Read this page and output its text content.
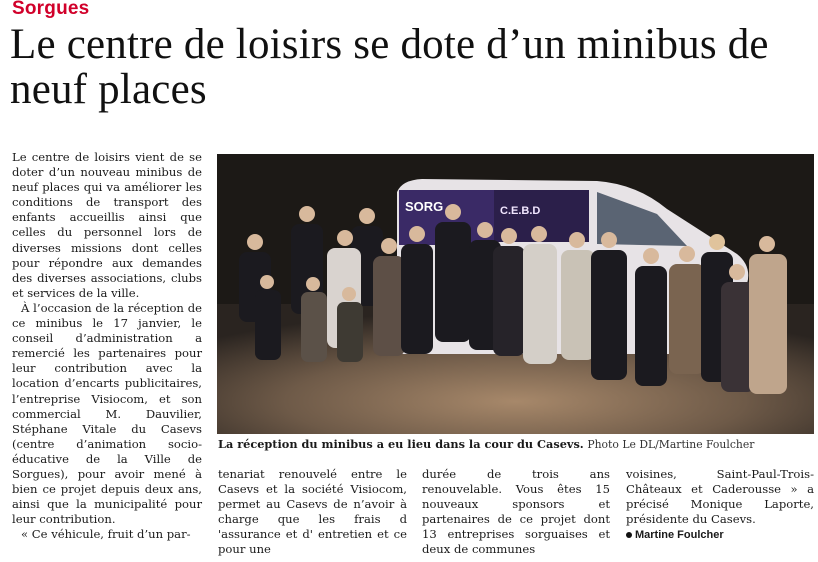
Sorgues
Le centre de loisirs se dote d’un minibus de neuf places

Le centre de loisirs vient de se doter d’un nouveau minibus de neuf places qui va améliorer les conditions de transport des enfants accueillis ainsi que celles du personnel lors de diverses missions dont celles pour répondre aux demandes des diverses associations, clubs et services de la ville.

À l’occasion de la réception de ce minibus le 17 janvier, le conseil d’administration a remercié les partenaires pour leur contribution avec la location d’encarts publicitaires, l’entreprise Visiocom, et son commercial M. Dauvilier, Stéphane Vitale du Casevs (centre d’animation socio-éducative de la Ville de Sorgues), pour avoir mené à bien ce projet depuis deux ans, ainsi que la municipalité pour leur contribution.

« Ce véhicule, fruit d’un par-

SORG	C.E.B.D
La réception du minibus a eu lieu dans la cour du Casevs. Photo Le DL/Martine Foulcher

tenariat renouvelé entre le Casevs et la société Visiocom, permet au Casevs de n’avoir à charge que les frais d 'assurance et d' entretien et ce pour une

durée de trois ans renouvelable. Vous êtes 15 nouveaux sponsors et partenaires de ce projet dont 13 entreprises sorguaises et deux de communes

voisines, Saint-Paul-Trois-Châteaux et Caderousse » a précisé Monique Laporte, présidente du Casevs.

Martine Foulcher
